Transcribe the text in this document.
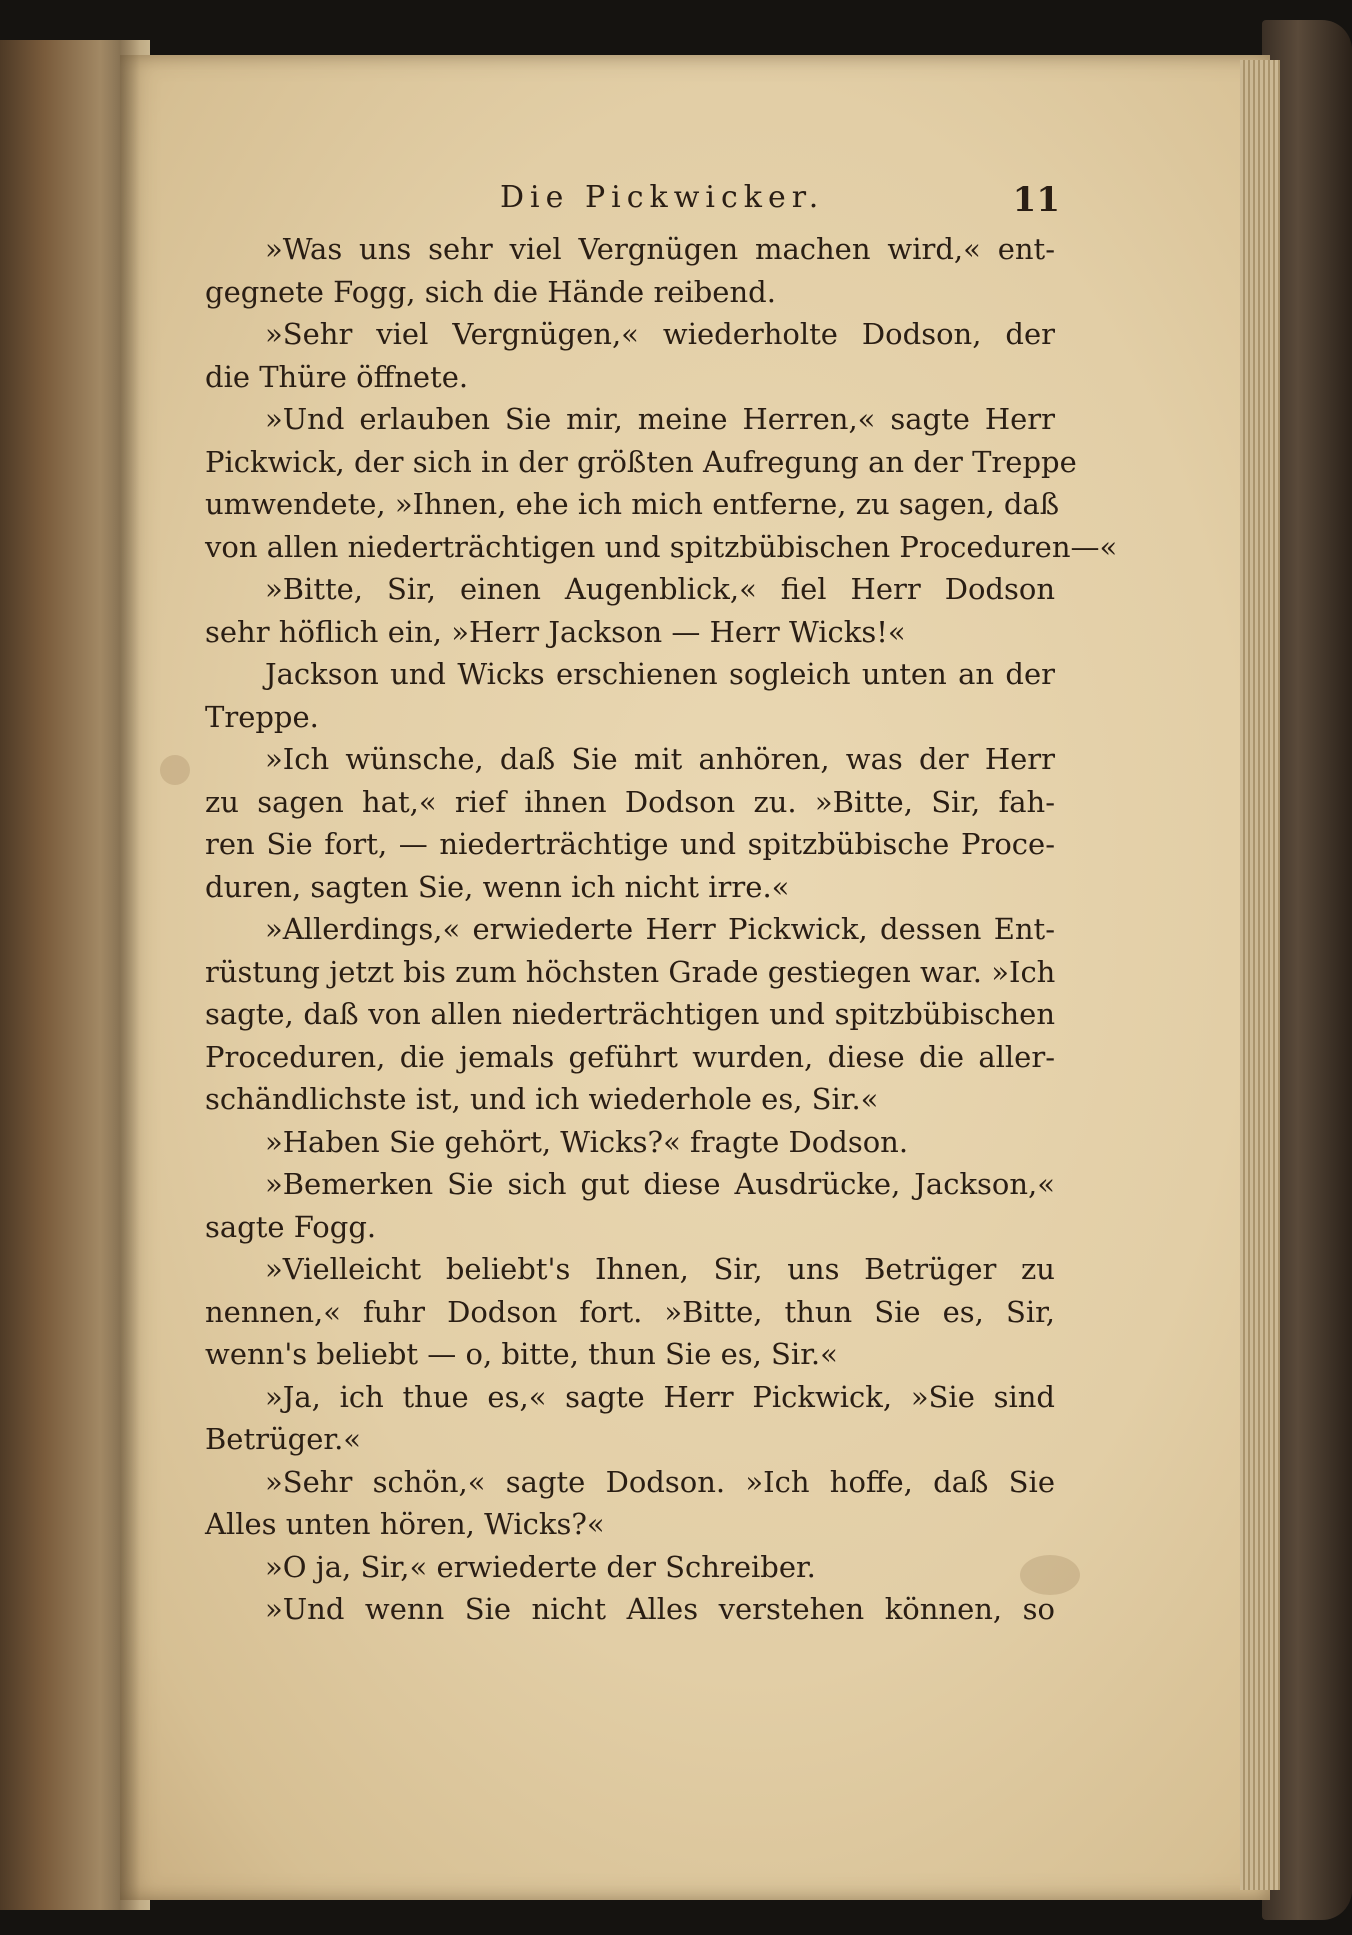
Die Pickwicker.	11
»Was uns sehr viel Vergnügen machen wird,« ent-
gegnete Fogg, sich die Hände reibend.
»Sehr viel Vergnügen,« wiederholte Dodson, der
die Thüre öffnete.
»Und erlauben Sie mir, meine Herren,« sagte Herr
Pickwick, der sich in der größten Aufregung an der Treppe
umwendete, »Ihnen, ehe ich mich entferne, zu sagen, daß
von allen niederträchtigen und spitzbübischen Proceduren—«
»Bitte, Sir, einen Augenblick,« fiel Herr Dodson
sehr höflich ein, »Herr Jackson — Herr Wicks!«
Jackson und Wicks erschienen sogleich unten an der
Treppe.
»Ich wünsche, daß Sie mit anhören, was der Herr
zu sagen hat,« rief ihnen Dodson zu. »Bitte, Sir, fah-
ren Sie fort, — niederträchtige und spitzbübische Proce-
duren, sagten Sie, wenn ich nicht irre.«
»Allerdings,« erwiederte Herr Pickwick, dessen Ent-
rüstung jetzt bis zum höchsten Grade gestiegen war. »Ich
sagte, daß von allen niederträchtigen und spitzbübischen
Proceduren, die jemals geführt wurden, diese die aller-
schändlichste ist, und ich wiederhole es, Sir.«
»Haben Sie gehört, Wicks?« fragte Dodson.
»Bemerken Sie sich gut diese Ausdrücke, Jackson,«
sagte Fogg.
»Vielleicht beliebt's Ihnen, Sir, uns Betrüger zu
nennen,« fuhr Dodson fort. »Bitte, thun Sie es, Sir,
wenn's beliebt — o, bitte, thun Sie es, Sir.«
»Ja, ich thue es,« sagte Herr Pickwick, »Sie sind
Betrüger.«
»Sehr schön,« sagte Dodson. »Ich hoffe, daß Sie
Alles unten hören, Wicks?«
»O ja, Sir,« erwiederte der Schreiber.
»Und wenn Sie nicht Alles verstehen können, so
